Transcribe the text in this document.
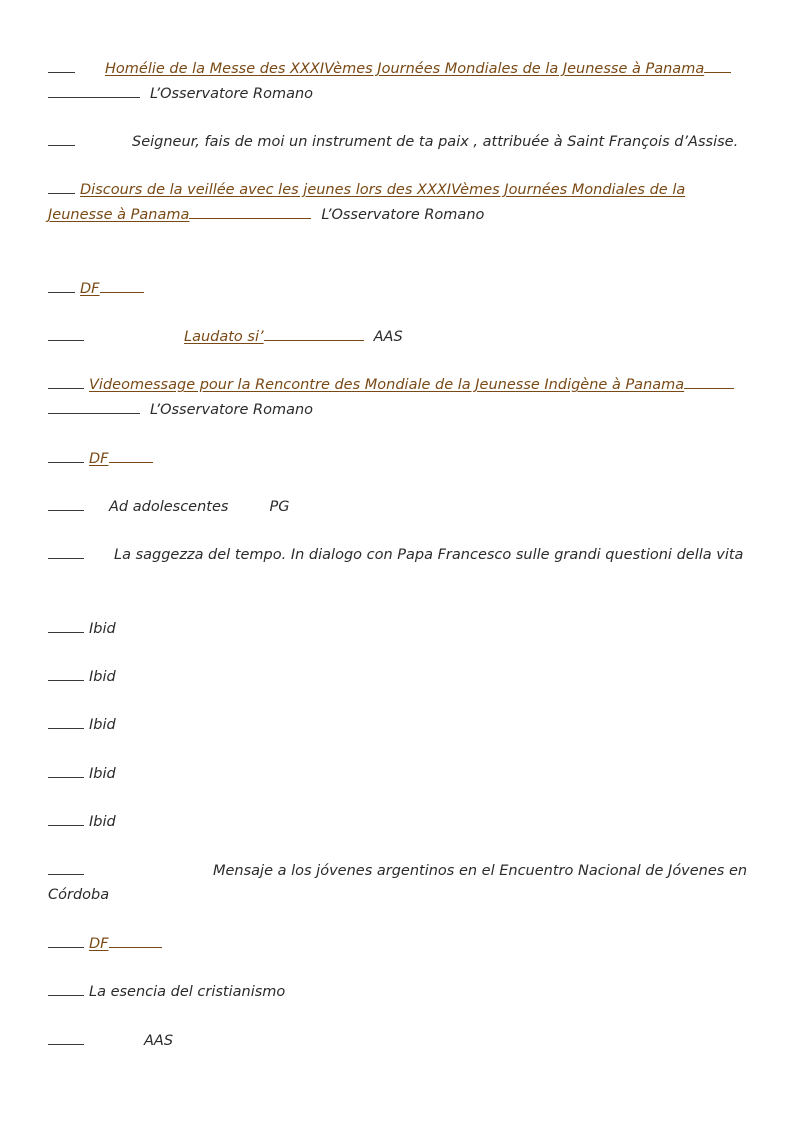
Homélie de la Messe des XXXIVèmes Journées Mondiales de la Jeunesse à Panama
L’Osservatore Romano
Seigneur, fais de moi un instrument de ta paix , attribuée à Saint François d’Assise.
Discours de la veillée avec les jeunes lors des XXXIVèmes Journées Mondiales de la
Jeunesse à Panama	L’Osservatore Romano
DF
Laudato si’	AAS
Videomessage pour la Rencontre des Mondiale de la Jeunesse Indigène à Panama
L’Osservatore Romano
DF
Ad adolescentes	PG
La saggezza del tempo. In dialogo con Papa Francesco sulle grandi questioni della vita
Ibid
Ibid
Ibid
Ibid
Ibid
Mensaje a los jóvenes argentinos en el Encuentro Nacional de Jóvenes en
Córdoba
DF
La esencia del cristianismo
AAS
